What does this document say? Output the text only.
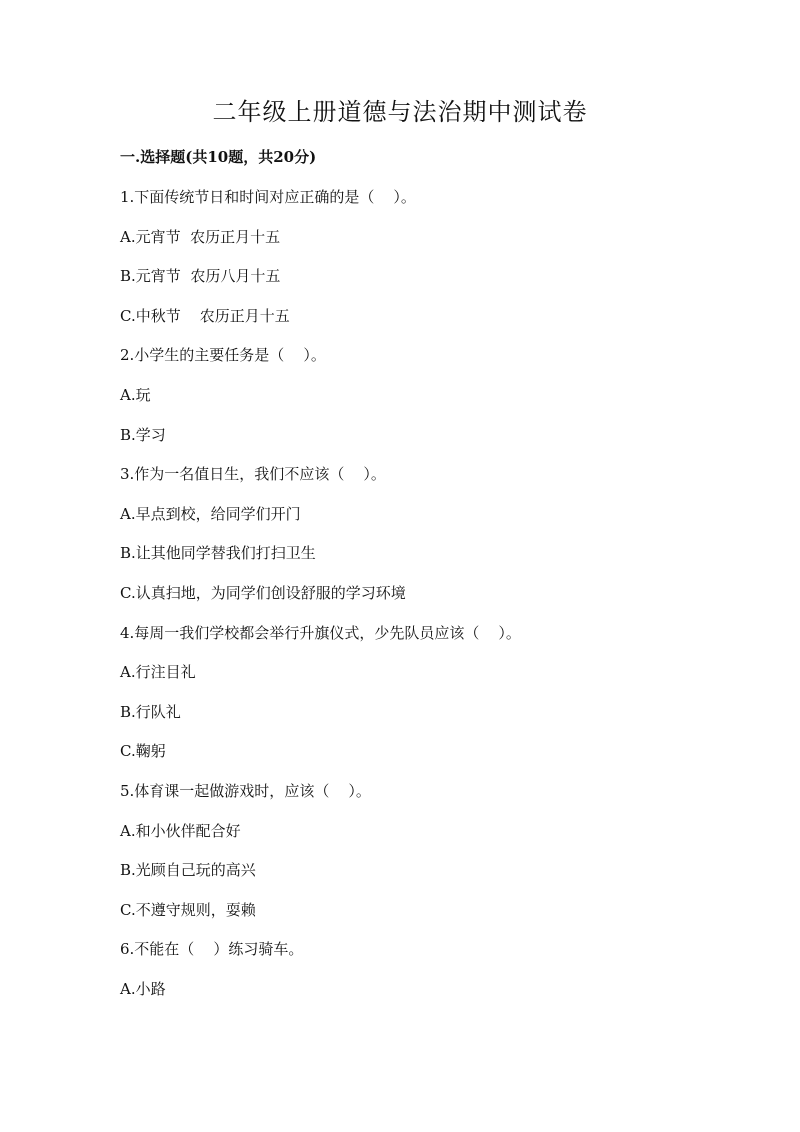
二年级上册道德与法治期中测试卷
一.选择题(共10题，共20分)
1.下面传统节日和时间对应正确的是（    ）。
A.元宵节  农历正月十五
B.元宵节  农历八月十五
C.中秋节    农历正月十五
2.小学生的主要任务是（    ）。
A.玩
B.学习
3.作为一名值日生，我们不应该（    ）。
A.早点到校，给同学们开门
B.让其他同学替我们打扫卫生
C.认真扫地，为同学们创设舒服的学习环境
4.每周一我们学校都会举行升旗仪式，少先队员应该（    ）。
A.行注目礼
B.行队礼
C.鞠躬
5.体育课一起做游戏时，应该（    ）。
A.和小伙伴配合好
B.光顾自己玩的高兴
C.不遵守规则，耍赖
6.不能在（    ）练习骑车。
A.小路
